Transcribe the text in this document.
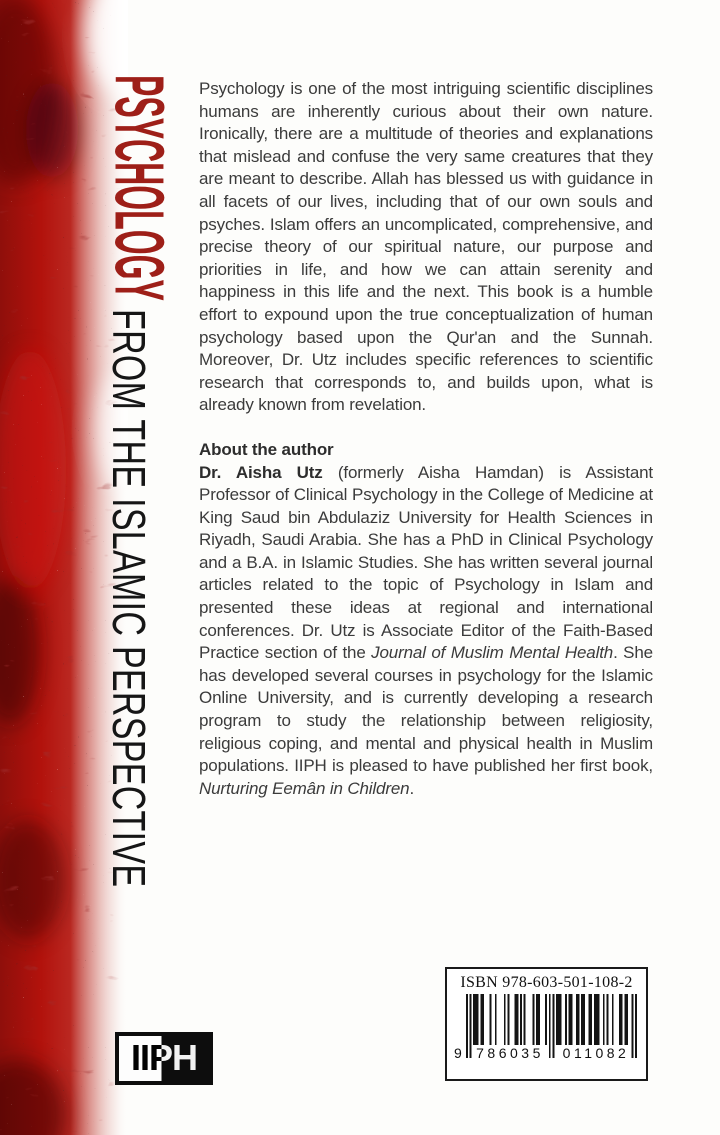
PSYCHOLOGY
FROM THE ISLAMIC PERSPECTIVE

Psychology is one of the most intriguing scientific disciplines humans are inherently curious about their own nature. Ironically, there are a multitude of theories and explanations that mislead and confuse the very same creatures that they are meant to describe. Allah has blessed us with guidance in all facets of our lives, including that of our own souls and psyches. Islam offers an uncomplicated, comprehensive, and precise theory of our spiritual nature, our purpose and priorities in life, and how we can attain serenity and happiness in this life and the next. This book is a humble effort to expound upon the true conceptualization of human psychology based upon the Qur'an and the Sunnah. Moreover, Dr. Utz includes specific references to scientific research that corresponds to, and builds upon, what is already known from revelation.

About the author

Dr. Aisha Utz (formerly Aisha Hamdan) is Assistant Professor of Clinical Psychology in the College of Medicine at King Saud bin Abdulaziz University for Health Sciences in Riyadh, Saudi Arabia. She has a PhD in Clinical Psychology and a B.A. in Islamic Studies. She has written several journal articles related to the topic of Psychology in Islam and presented these ideas at regional and international conferences. Dr. Utz is Associate Editor of the Faith-Based Practice section of the Journal of Muslim Mental Health. She has developed several courses in psychology for the Islamic Online University, and is currently developing a research program to study the relationship between religiosity, religious coping, and mental and physical health in Muslim populations. IIPH is pleased to have published her first book, Nurturing Eemân in Children.

IIPH
ISBN 978-603-501-108-2
9	786035	011082
